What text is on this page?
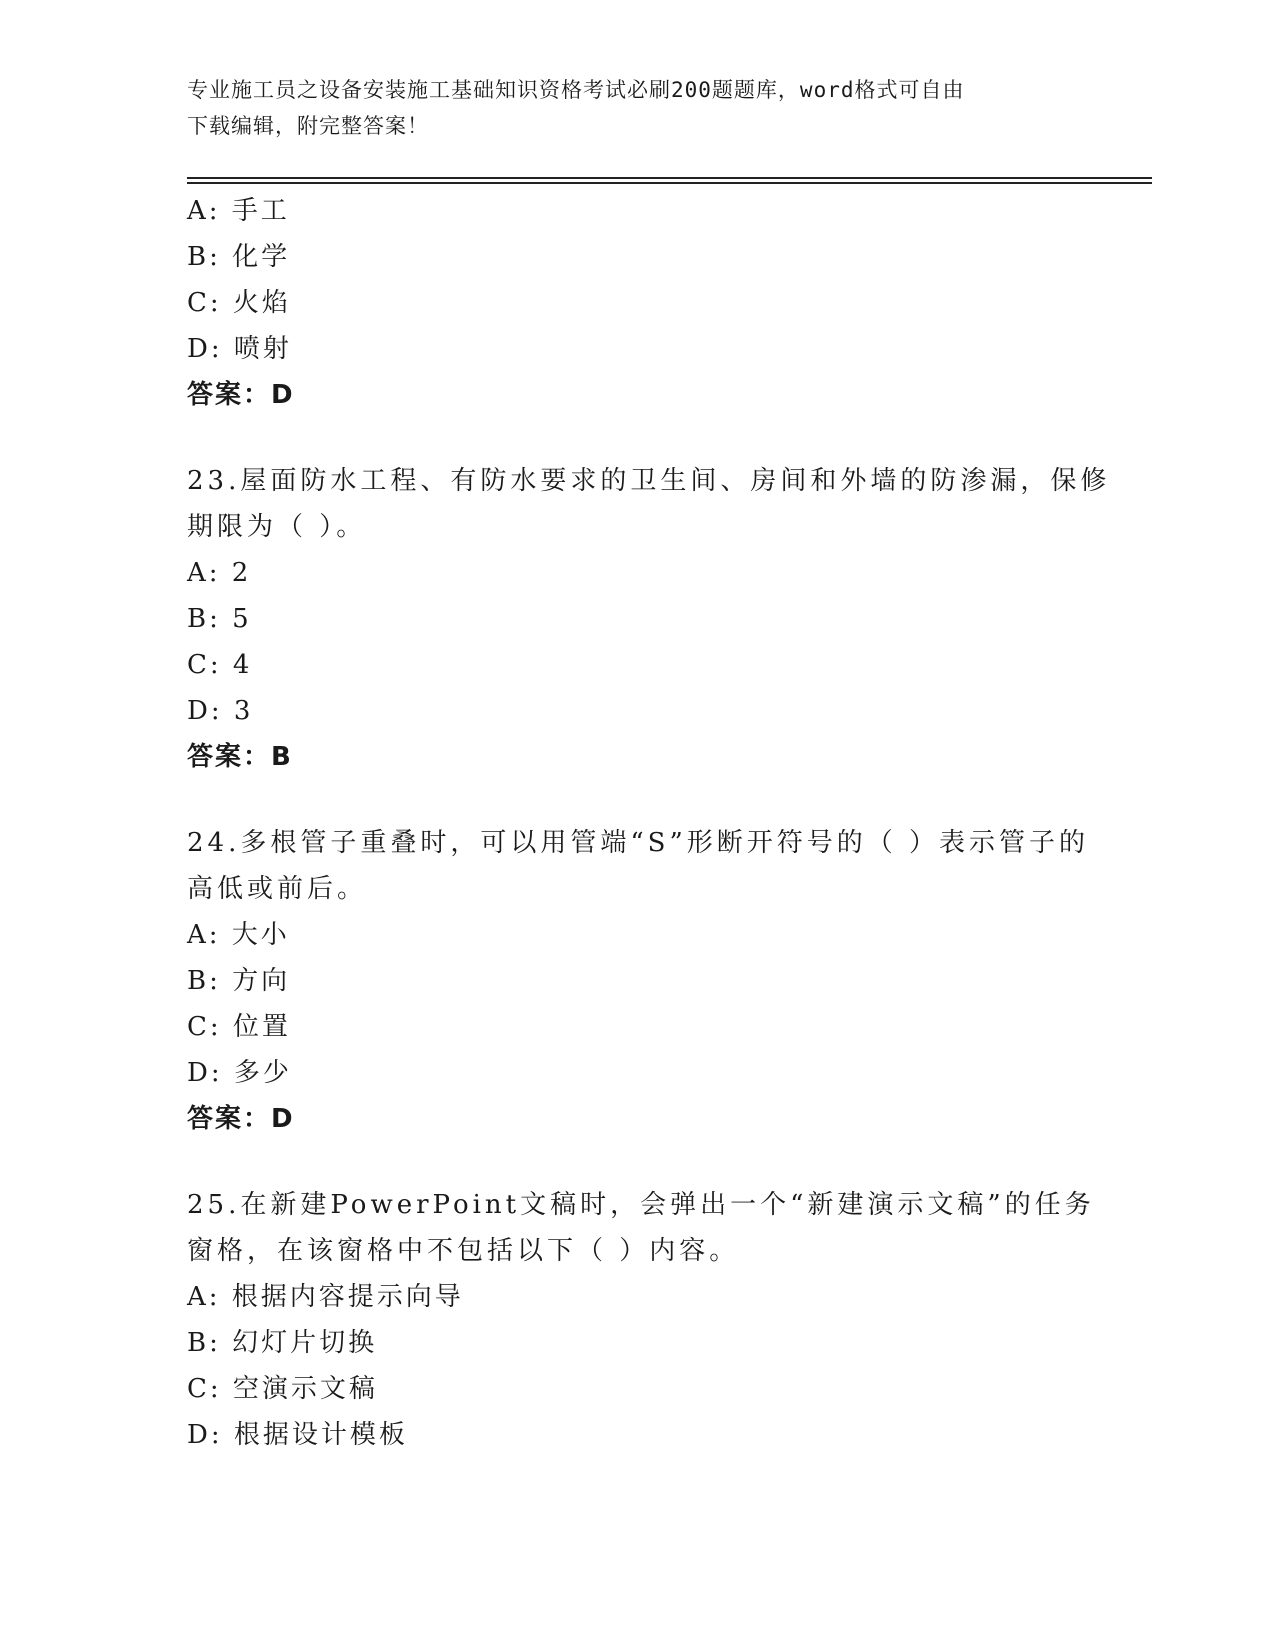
专业施工员之设备安装施工基础知识资格考试必刷200题题库，word格式可自由
下载编辑，附完整答案！
A: 手工
B: 化学
C: 火焰
D: 喷射
答案：D
23.屋面防水工程、有防水要求的卫生间、房间和外墙的防渗漏，保修
期限为（ ）。
A: 2
B: 5
C: 4
D: 3
答案：B
24.多根管子重叠时，可以用管端“S”形断开符号的（ ）表示管子的
高低或前后。
A: 大小
B: 方向
C: 位置
D: 多少
答案：D
25.在新建PowerPoint文稿时，会弹出一个“新建演示文稿”的任务
窗格，在该窗格中不包括以下（ ）内容。
A: 根据内容提示向导
B: 幻灯片切换
C: 空演示文稿
D: 根据设计模板
